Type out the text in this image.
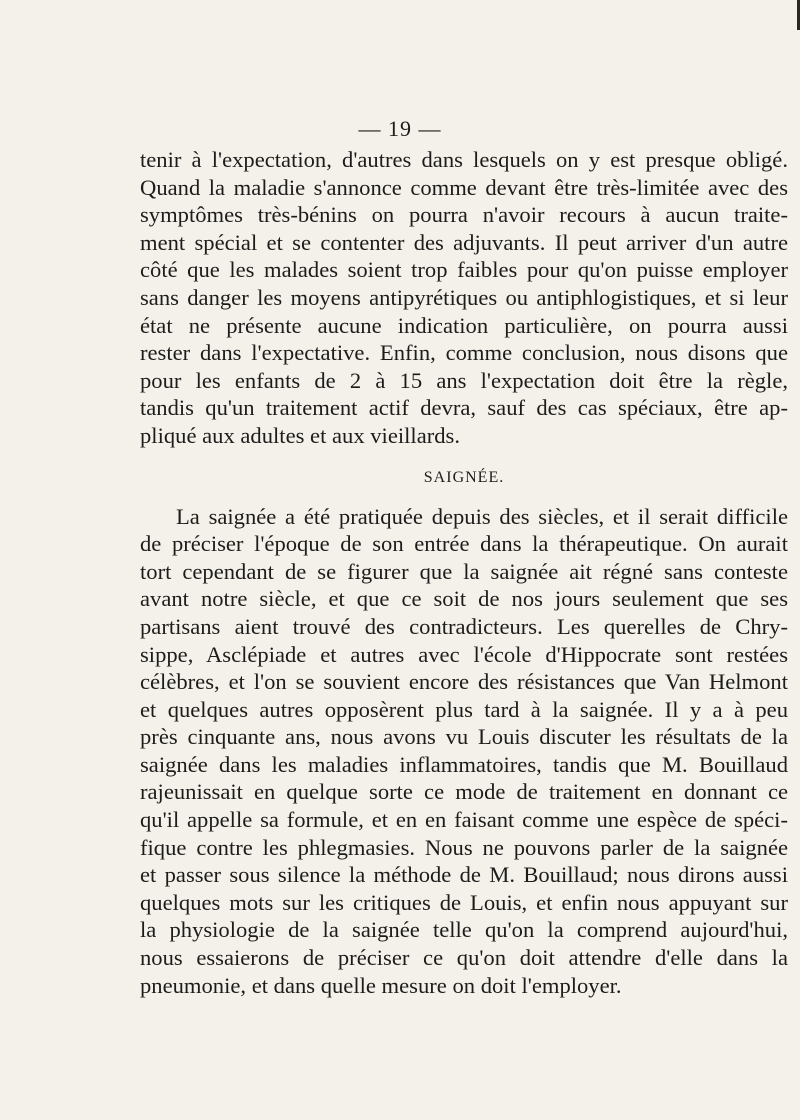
— 19 —
tenir à l'expectation, d'autres dans lesquels on y est presque obligé.
Quand la maladie s'annonce comme devant être très-limitée avec des
symptômes très-bénins on pourra n'avoir recours à aucun traite-
ment spécial et se contenter des adjuvants. Il peut arriver d'un autre
côté que les malades soient trop faibles pour qu'on puisse employer
sans danger les moyens antipyrétiques ou antiphlogistiques, et si leur
état ne présente aucune indication particulière, on pourra aussi
rester dans l'expectative. Enfin, comme conclusion, nous disons que
pour les enfants de 2 à 15 ans l'expectation doit être la règle,
tandis qu'un traitement actif devra, sauf des cas spéciaux, être ap-
pliqué aux adultes et aux vieillards.
SAIGNÉE.
La saignée a été pratiquée depuis des siècles, et il serait difficile
de préciser l'époque de son entrée dans la thérapeutique. On aurait
tort cependant de se figurer que la saignée ait régné sans conteste
avant notre siècle, et que ce soit de nos jours seulement que ses
partisans aient trouvé des contradicteurs. Les querelles de Chry-
sippe, Asclépiade et autres avec l'école d'Hippocrate sont restées
célèbres, et l'on se souvient encore des résistances que Van Helmont
et quelques autres opposèrent plus tard à la saignée. Il y a à peu
près cinquante ans, nous avons vu Louis discuter les résultats de la
saignée dans les maladies inflammatoires, tandis que M. Bouillaud
rajeunissait en quelque sorte ce mode de traitement en donnant ce
qu'il appelle sa formule, et en en faisant comme une espèce de spéci-
fique contre les phlegmasies. Nous ne pouvons parler de la saignée
et passer sous silence la méthode de M. Bouillaud; nous dirons aussi
quelques mots sur les critiques de Louis, et enfin nous appuyant sur
la physiologie de la saignée telle qu'on la comprend aujourd'hui,
nous essaierons de préciser ce qu'on doit attendre d'elle dans la
pneumonie, et dans quelle mesure on doit l'employer.
